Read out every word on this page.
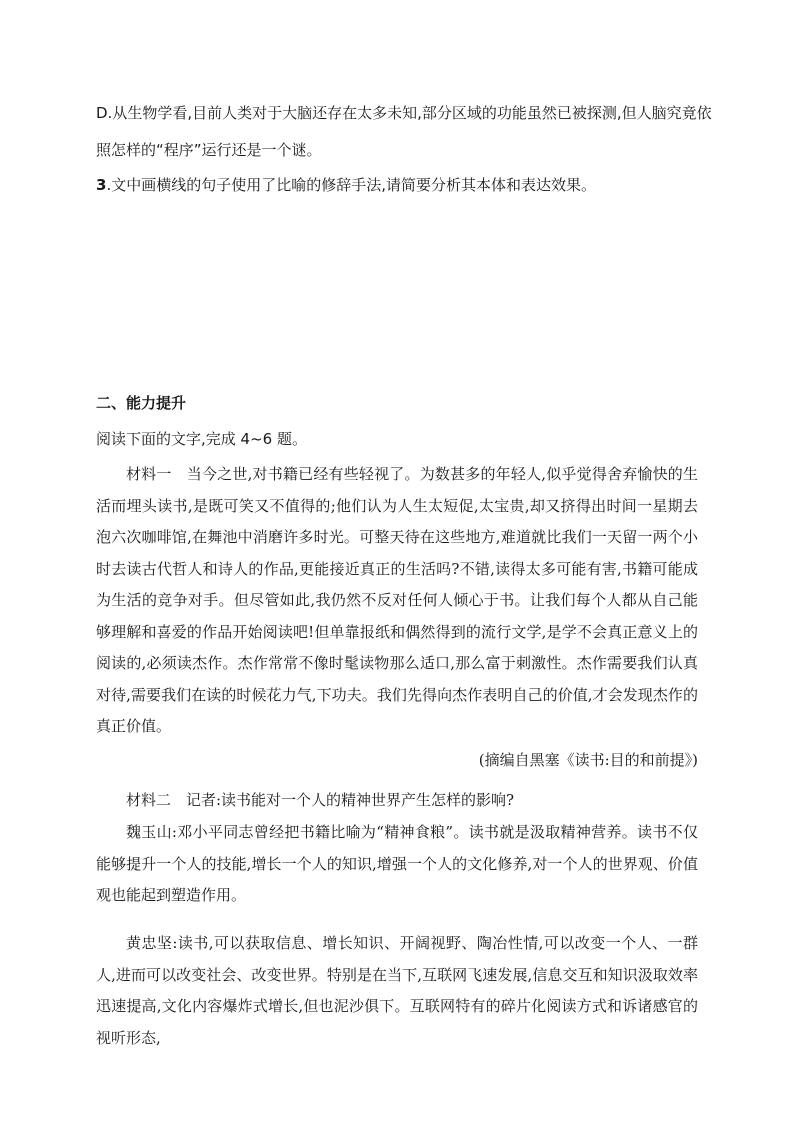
D.从生物学看,目前人类对于大脑还存在太多未知,部分区域的功能虽然已被探测,但人脑究竟依
照怎样的“程序”运行还是一个谜。
3.文中画横线的句子使用了比喻的修辞手法,请简要分析其本体和表达效果。
二、能力提升
阅读下面的文字,完成 4~6 题。

材料一　当今之世,对书籍已经有些轻视了。为数甚多的年轻人,似乎觉得舍弃愉快的生活而埋头读书,是既可笑又不值得的;他们认为人生太短促,太宝贵,却又挤得出时间一星期去泡六次咖啡馆,在舞池中消磨许多时光。可整天待在这些地方,难道就比我们一天留一两个小时去读古代哲人和诗人的作品,更能接近真正的生活吗?不错,读得太多可能有害,书籍可能成为生活的竞争对手。但尽管如此,我仍然不反对任何人倾心于书。让我们每个人都从自己能够理解和喜爱的作品开始阅读吧!但单靠报纸和偶然得到的流行文学,是学不会真正意义上的阅读的,必须读杰作。杰作常常不像时髦读物那么适口,那么富于刺激性。杰作需要我们认真对待,需要我们在读的时候花力气,下功夫。我们先得向杰作表明自己的价值,才会发现杰作的真正价值。

(摘编自黑塞《读书:目的和前提》)

材料二　记者:读书能对一个人的精神世界产生怎样的影响?

魏玉山:邓小平同志曾经把书籍比喻为“精神食粮”。读书就是汲取精神营养。读书不仅能够提升一个人的技能,增长一个人的知识,增强一个人的文化修养,对一个人的世界观、价值观也能起到塑造作用。

黄忠坚:读书,可以获取信息、增长知识、开阔视野、陶冶性情,可以改变一个人、一群人,进而可以改变社会、改变世界。特别是在当下,互联网飞速发展,信息交互和知识汲取效率迅速提高,文化内容爆炸式增长,但也泥沙俱下。互联网特有的碎片化阅读方式和诉诸感官的视听形态,
